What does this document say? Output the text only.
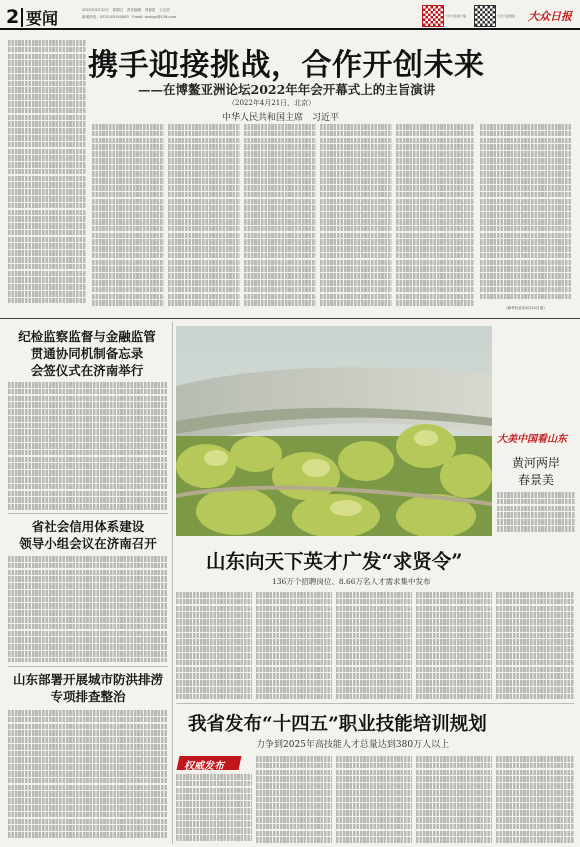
2 要闻	2022年4月22日　星期五　责任编辑　刘春雷　王志浩
新闻热线：0531-85193000　Email: dzrbgx@126.com	大众日报客户端	大众日报微信 大众日报
携手迎接挑战，合作开创未来
——在博鳌亚洲论坛2022年年会开幕式上的主旨演讲
（2022年4月21日，北京）
中华人民共和国主席　习近平
（新华社北京4月21日电）
纪检监察监督与金融监管
贯通协同机制备忘录
会签仪式在济南举行
省社会信用体系建设
领导小组会议在济南召开
山东部署开展城市防洪排涝
专项排查整治
大美中国看山东
黄河两岸
春景美
山东向天下英才广发“求贤令”
136万个招聘岗位、8.66万名人才需求集中发布
我省发布“十四五”职业技能培训规划
力争到2025年高技能人才总量达到380万人以上
权威发布
